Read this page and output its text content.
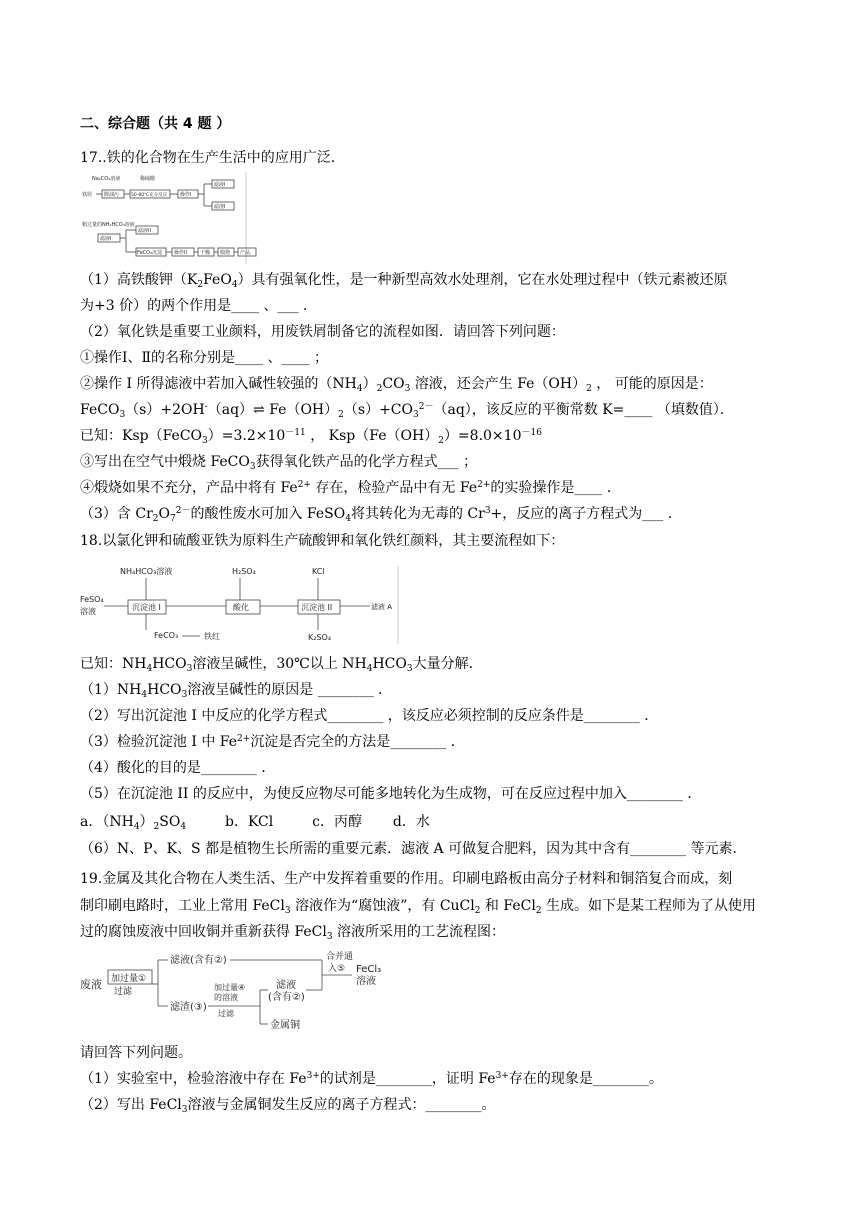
二、综合题（共 4 题 ）
17..铁的化合物在生产生活中的应用广泛．
Na₂CO₃溶液	稀硫酸
铁屑 除油污	50-80℃充分反应	操作I
滤液I
滤渣I
稍过量的NH₄HCO₃溶液
滤液I
滤液II
FeCO₃沉淀 操作II	干燥 煅烧 产品
（1）高铁酸钾$(K_2FeO_4)$具有强氧化性，是一种新型高效水处理剂，它在水处理过程中（铁元素被还原
为+3 价）的两个作用是____ 、___ ．
（2）氧化铁是重要工业颜料，用废铁屑制备它的流程如图．请回答下列问题：
①操作Ⅰ、Ⅱ的名称分别是____ 、____ ；
②操作 I 所得滤液中若加入碱性较强的$(NH_4)_2CO_3$ 溶液，还会产生 $Fe(OH)_2$ ， 可能的原因是：
FeCO$_3$（s）+2OH-（aq）⇌ $Fe(OH)_2(s)+CO_3^{2-}(aq)$，该反应的平衡常数 K=____ （填数值）．
已知：$Ksp(FeCO_3)=3.2\times 10^{-11}$ ， $Ksp(Fe(OH)_2)=8.0\times 10^{-16}$
③写出在空气中煅烧 FeCO$_3$获得氧化铁产品的化学方程式___ ；
④煅烧如果不充分，产品中将有 $Fe^{2+}$ 存在，检验产品中有无 $Fe^{2+}$的实验操作是____ ．
（3）含 $Cr_2O_7^{2-}$的酸性废水可加入 FeSO$_4$将其转化为无毒的 $Cr^3+$，反应的离子方程式为___ ．
18.以氯化钾和硫酸亚铁为原料生产硫酸钾和氧化铁红颜料，其主要流程如下：
NH₄HCO₃溶液	H₂SO₄	KCl
FeSO₄
溶液	沉淀池 I	酸化	沉淀池 II	滤液 A
FeCO₃	铁红	K₂SO₄
已知：$NH_4HCO_3$溶液呈碱性，30℃以上 $NH_4HCO_3$大量分解．
$(1)NH_4HCO_3$溶液呈碱性的原因是 ________ ．
（2）写出沉淀池 I 中反应的化学方程式________ ，该反应必须控制的反应条件是________ ．
（3）检验沉淀池 I 中 $Fe^{2+}$沉淀是否完全的方法是________ ．
（4）酸化的目的是________ ．
（5）在沉淀池 II 的反应中，为使反应物尽可能多地转化为生成物，可在反应过程中加入________ ．
a．$(NH_4)_2SO_4$	b．KCl	c．丙醇 d．水
（6）N、P、K、S 都是植物生长所需的重要元素．滤液 A 可做复合肥料，因为其中含有________ 等元素．
19.金属及其化合物在人类生活、生产中发挥着重要的作用。印刷电路板由高分子材料和铜箔复合而成，刻
制印刷电路时，工业上常用 FeCl$_3$ 溶液作为“腐蚀液”，有 CuCl$_2$ 和 FeCl$_2$ 生成。如下是某工程师为了从使用
过的腐蚀废液中回收铜并重新获得 FeCl$_3$ 溶液所采用的工艺流程图：
废液 加过量①
过滤
滤液(含有②)
滤渣(③)
加过量④
的溶液
过滤
滤液
(含有②)
金属铜
合并通
入⑤ FeCl₃
溶液
请回答下列问题。
（1）实验室中，检验溶液中存在 $Fe^{3+}$的试剂是________，证明 $Fe^{3+}$存在的现象是________。
（2）写出 FeCl$_3$溶液与金属铜发生反应的离子方程式：________。
